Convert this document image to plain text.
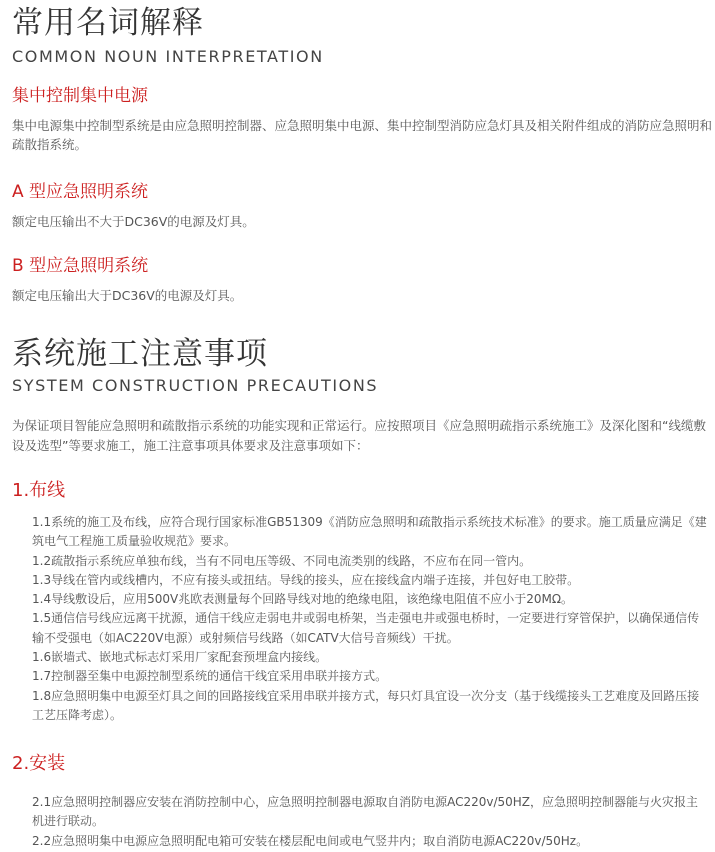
常用名词解释
COMMON NOUN INTERPRETATION
集中控制集中电源
集中电源集中控制型系统是由应急照明控制器、应急照明集中电源、集中控制型消防应急灯具及相关附件组成的消防应急照明和疏散指系统。
A 型应急照明系统
额定电压输出不大于DC36V的电源及灯具。
B 型应急照明系统
额定电压输出大于DC36V的电源及灯具。
系统施工注意事项
SYSTEM CONSTRUCTION PRECAUTIONS
为保证项目智能应急照明和疏散指示系统的功能实现和正常运行。应按照项目《应急照明疏指示系统施工》及深化图和“线缆敷设及选型”等要求施工，施工注意事项具体要求及注意事项如下：
1.布线

1.1系统的施工及布线，应符合现行国家标准GB51309《消防应急照明和疏散指示系统技术标准》的要求。施工质量应满足《建筑电气工程施工质量验收规范》要求。

1.2疏散指示系统应单独布线，当有不同电压等级、不同电流类别的线路，不应布在同一管内。

1.3导线在管内或线槽内，不应有接头或扭结。导线的接头，应在接线盒内端子连接，并包好电工胶带。

1.4导线敷设后，应用500V兆欧表测量每个回路导线对地的绝缘电阻，该绝缘电阻值不应小于20MΩ。

1.5通信信号线应远离干扰源，通信干线应走弱电井或弱电桥架，当走强电井或强电桥时，一定要进行穿管保护，以确保通信传输不受强电（如AC220V电源）或射频信号线路（如CATV大信号音频线）干扰。

1.6嵌墙式、嵌地式标志灯采用厂家配套预埋盒内接线。

1.7控制器至集中电源控制型系统的通信干线宜采用串联并接方式。

1.8应急照明集中电源至灯具之间的回路接线宜采用串联并接方式，每只灯具宜设一次分支（基于线缆接头工艺难度及回路压接工艺压降考虑）。

2.安装

2.1应急照明控制器应安装在消防控制中心，应急照明控制器电源取自消防电源AC220v/50HZ，应急照明控制器能与火灾报主机进行联动。

2.2应急照明集中电源应急照明配电箱可安装在楼层配电间或电气竖井内；取自消防电源AC220v/50Hz。
